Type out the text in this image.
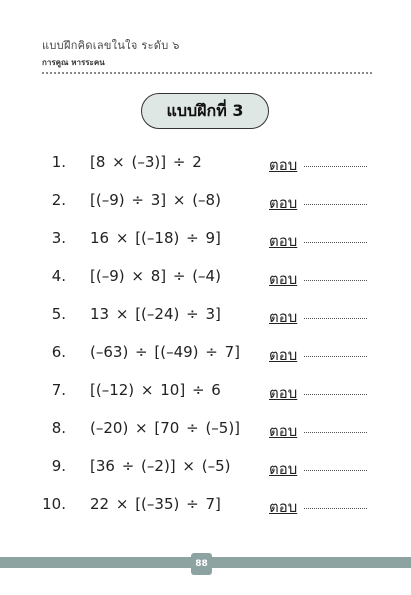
แบบฝึกคิดเลขในใจ ระดับ ๖
การคูณ หารระคน
แบบฝึกที่ 3
1. [8 × (–3)] ÷ 2	ตอบ
2. [(–9) ÷ 3] × (–8)	ตอบ
3. 16 × [(–18) ÷ 9]	ตอบ
4. [(–9) × 8] ÷ (–4)	ตอบ
5. 13 × [(–24) ÷ 3]	ตอบ
6. (–63) ÷ [(–49) ÷ 7] ตอบ
7. [(–12) × 10] ÷ 6	ตอบ
8. (–20) × [70 ÷ (–5)] ตอบ
9. [36 ÷ (–2)] × (–5)	ตอบ
10. 22 × [(–35) ÷ 7]	ตอบ
88
